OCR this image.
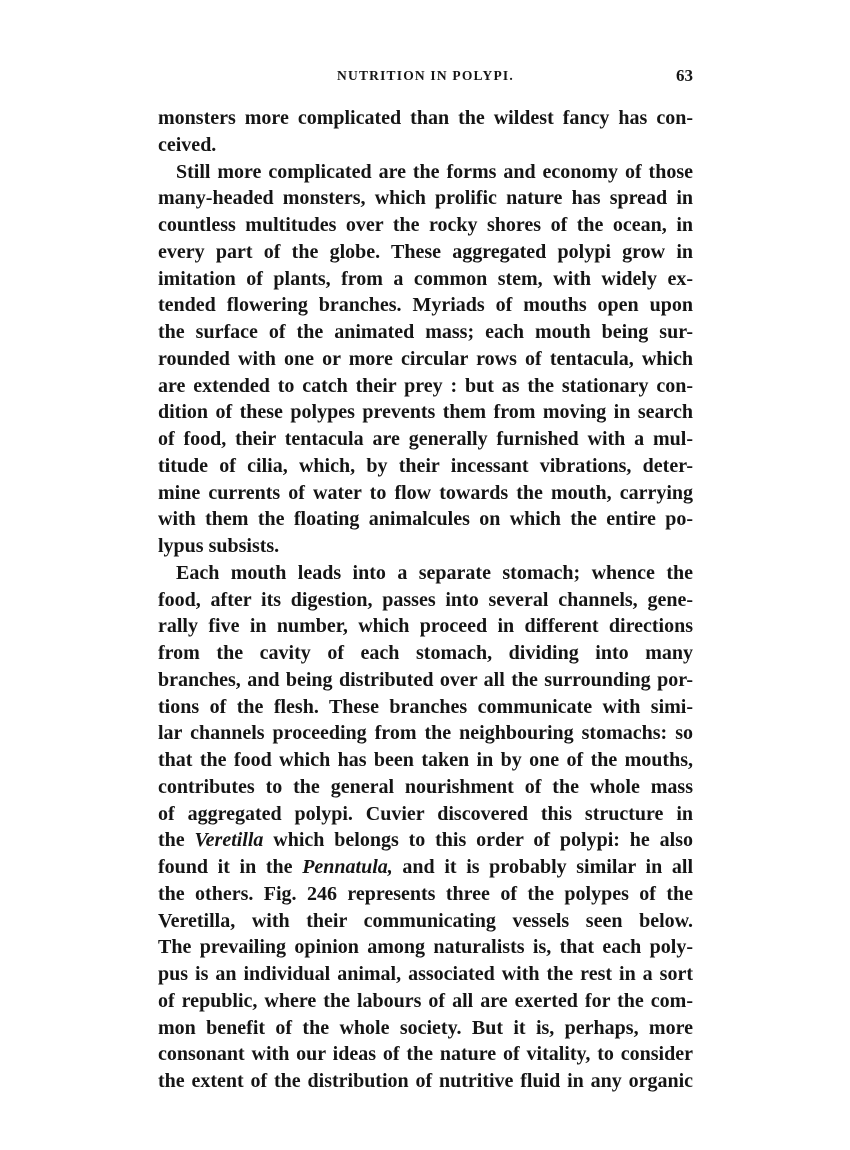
NUTRITION IN POLYPI.	63
monsters more complicated than the wildest fancy has con-
ceived.
Still more complicated are the forms and economy of those
many-headed monsters, which prolific nature has spread in
countless multitudes over the rocky shores of the ocean, in
every part of the globe. These aggregated polypi grow in
imitation of plants, from a common stem, with widely ex-
tended flowering branches. Myriads of mouths open upon
the surface of the animated mass; each mouth being sur-
rounded with one or more circular rows of tentacula, which
are extended to catch their prey : but as the stationary con-
dition of these polypes prevents them from moving in search
of food, their tentacula are generally furnished with a mul-
titude of cilia, which, by their incessant vibrations, deter-
mine currents of water to flow towards the mouth, carrying
with them the floating animalcules on which the entire po-
lypus subsists.
Each mouth leads into a separate stomach; whence the
food, after its digestion, passes into several channels, gene-
rally five in number, which proceed in different directions
from the cavity of each stomach, dividing into many
branches, and being distributed over all the surrounding por-
tions of the flesh. These branches communicate with simi-
lar channels proceeding from the neighbouring stomachs: so
that the food which has been taken in by one of the mouths,
contributes to the general nourishment of the whole mass
of aggregated polypi. Cuvier discovered this structure in
the Veretilla which belongs to this order of polypi: he also
found it in the Pennatula, and it is probably similar in all
the others. Fig. 246 represents three of the polypes of the
Veretilla, with their communicating vessels seen below.
The prevailing opinion among naturalists is, that each poly-
pus is an individual animal, associated with the rest in a sort
of republic, where the labours of all are exerted for the com-
mon benefit of the whole society. But it is, perhaps, more
consonant with our ideas of the nature of vitality, to consider
the extent of the distribution of nutritive fluid in any organic
